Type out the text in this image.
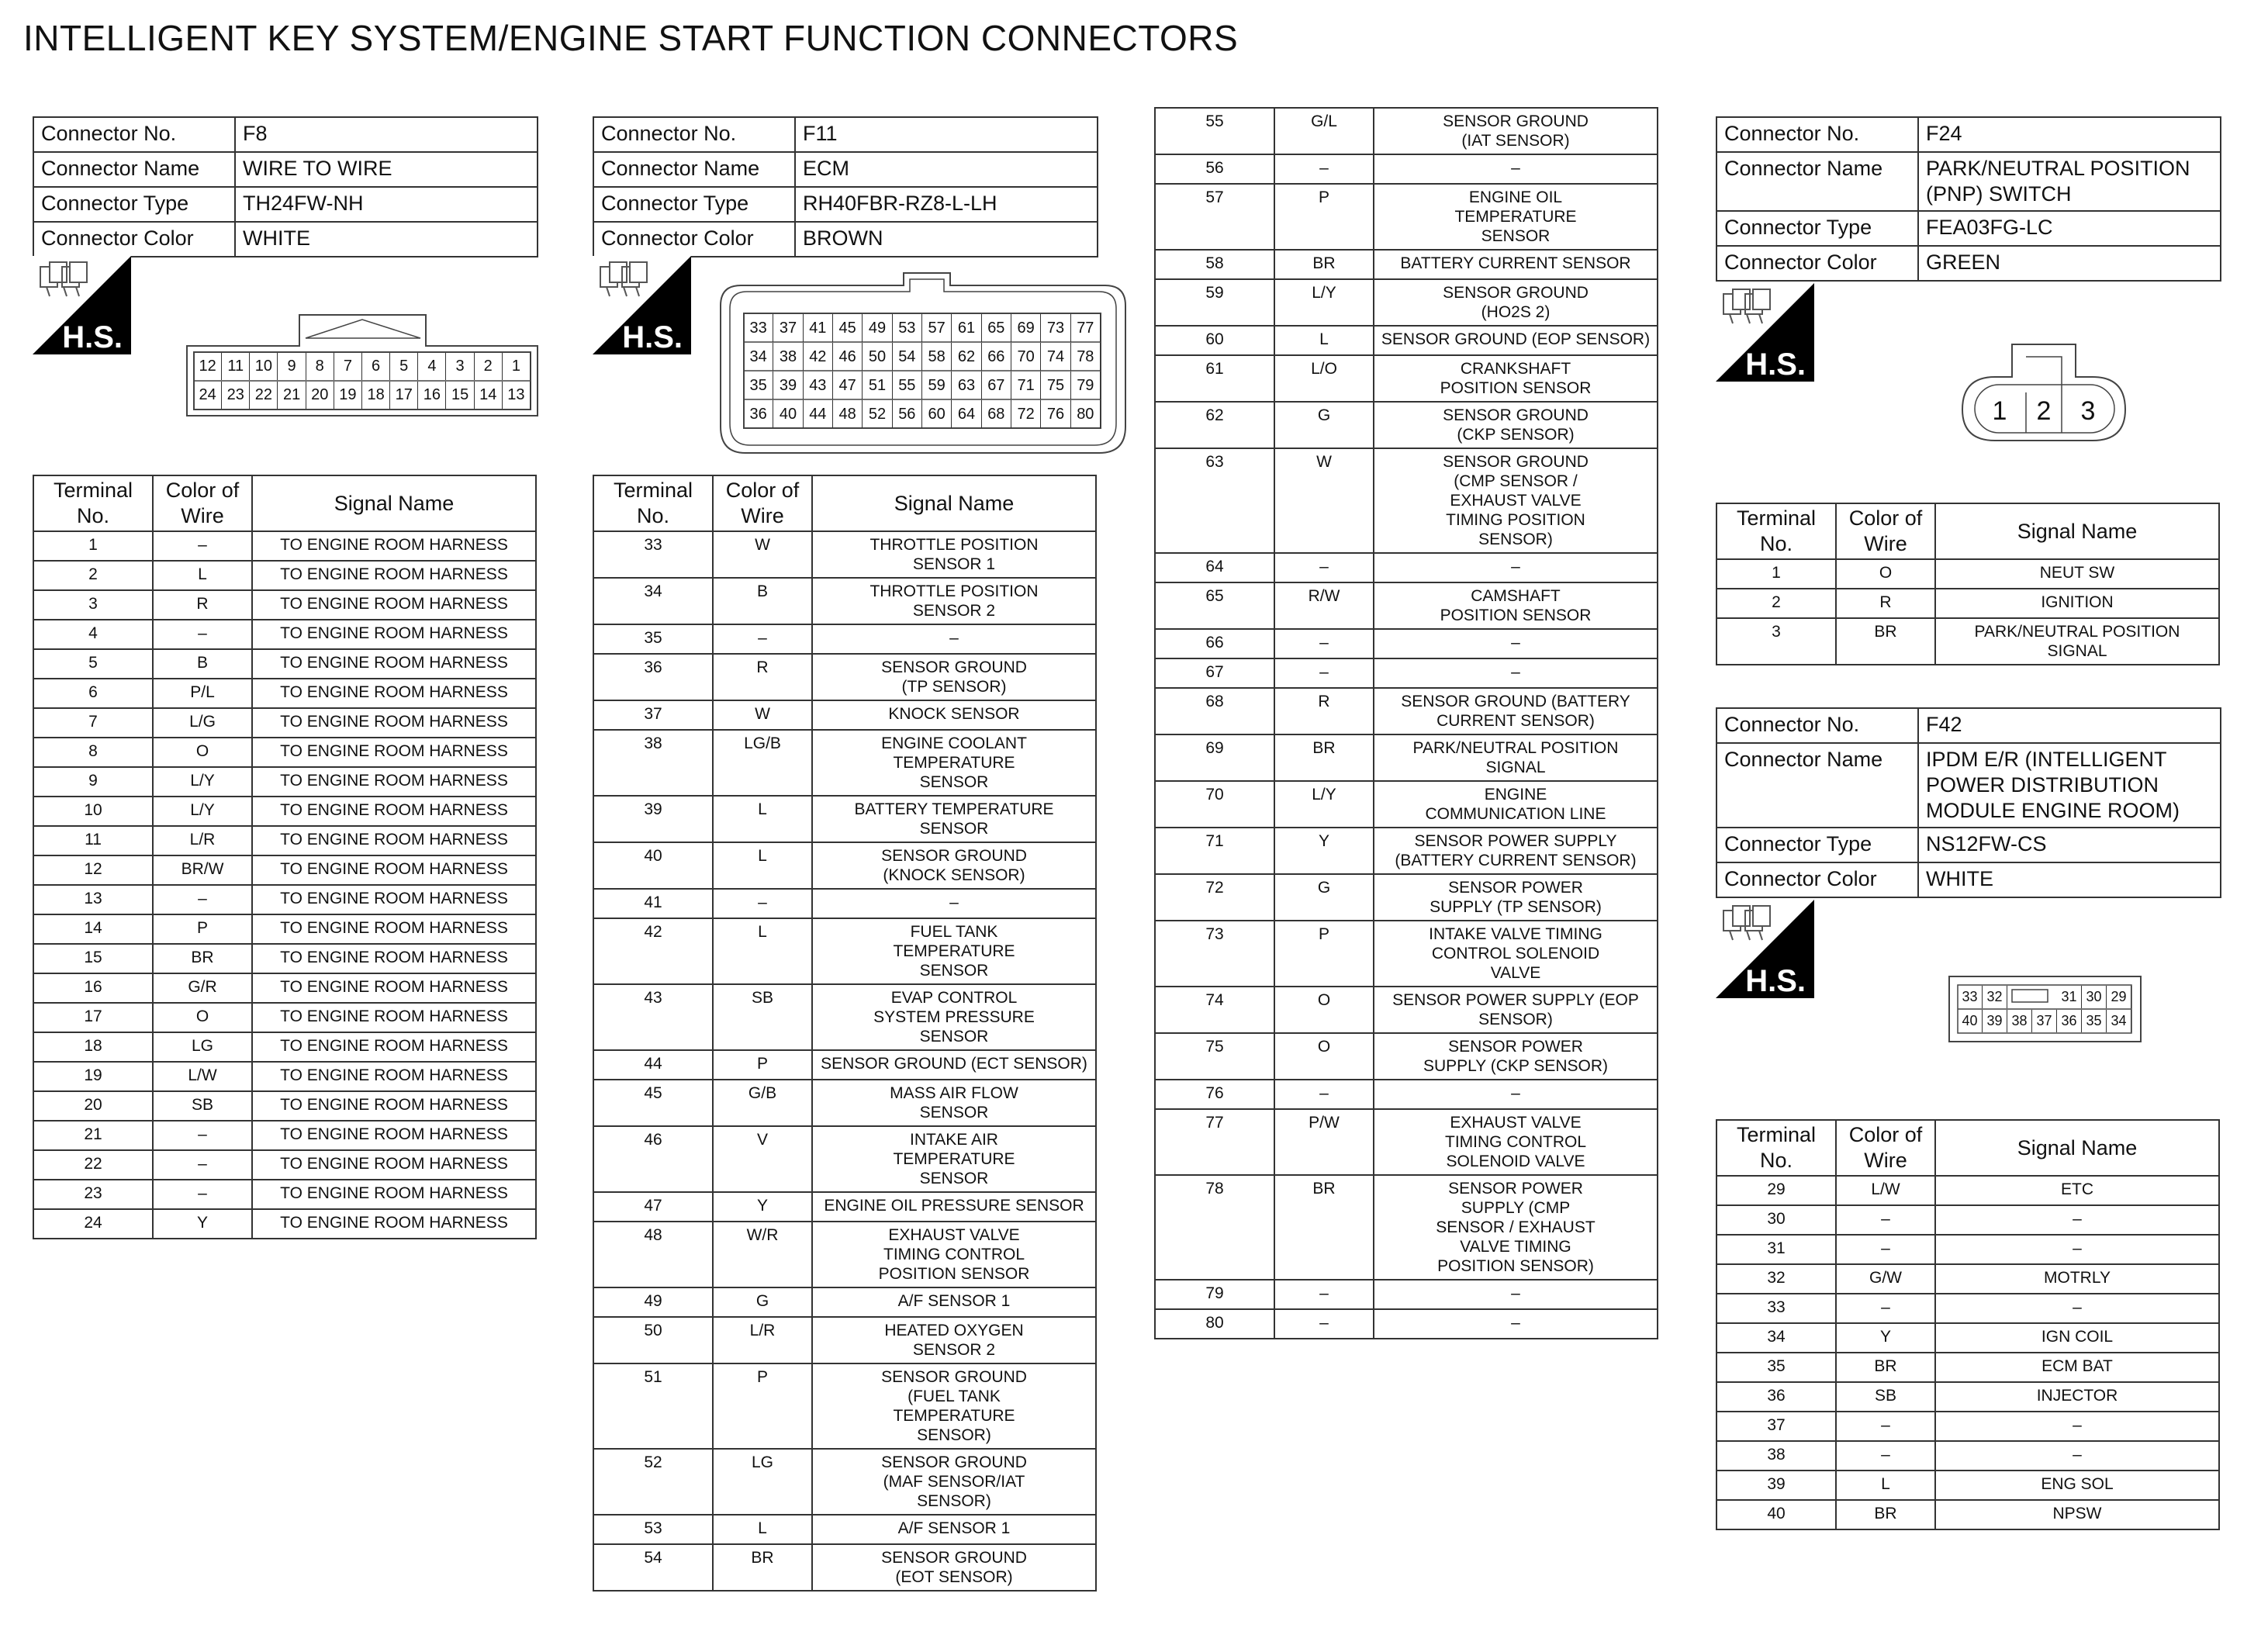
INTELLIGENT KEY SYSTEM/ENGINE START FUNCTION CONNECTORS
Connector No.	F8
Connector Name	WIRE TO WIRE
Connector Type	TH24FW-NH
Connector Color	WHITE
H.S.
12 11 10 9	8	7	6	5	4	3	2	1
24 23 22 21 20 19 18 17 16 15 14 13
Terminal
No.	Color of
Wire	Signal Name
1	–	TO ENGINE ROOM HARNESS
2	L	TO ENGINE ROOM HARNESS
3	R	TO ENGINE ROOM HARNESS
4	–	TO ENGINE ROOM HARNESS
5	B	TO ENGINE ROOM HARNESS
6	P/L	TO ENGINE ROOM HARNESS
7	L/G	TO ENGINE ROOM HARNESS
8	O	TO ENGINE ROOM HARNESS
9	L/Y	TO ENGINE ROOM HARNESS
10	L/Y	TO ENGINE ROOM HARNESS
11	L/R	TO ENGINE ROOM HARNESS
12	BR/W	TO ENGINE ROOM HARNESS
13	–	TO ENGINE ROOM HARNESS
14	P	TO ENGINE ROOM HARNESS
15	BR	TO ENGINE ROOM HARNESS
16	G/R	TO ENGINE ROOM HARNESS
17	O	TO ENGINE ROOM HARNESS
18	LG	TO ENGINE ROOM HARNESS
19	L/W	TO ENGINE ROOM HARNESS
20	SB	TO ENGINE ROOM HARNESS
21	–	TO ENGINE ROOM HARNESS
22	–	TO ENGINE ROOM HARNESS
23	–	TO ENGINE ROOM HARNESS
24	Y	TO ENGINE ROOM HARNESS
Connector No.	F11
Connector Name	ECM
Connector Type	RH40FBR-RZ8-L-LH
Connector Color	BROWN
H.S.	33 37 41 45 49 53 57 61 65 69 73 77
34 38 42 46 50 54 58 62 66 70 74 78
35 39 43 47 51 55 59 63 67 71 75 79
36 40 44 48 52 56 60 64 68 72 76 80
Terminal
No.	Color of
Wire	Signal Name
33	W	THROTTLE POSITION
SENSOR 1
34	B	THROTTLE POSITION
SENSOR 2
35	–	–
36	R	SENSOR GROUND
(TP SENSOR)
37	W	KNOCK SENSOR
38	LG/B	ENGINE COOLANT
TEMPERATURE
SENSOR
39	L	BATTERY TEMPERATURE
SENSOR
40	L	SENSOR GROUND
(KNOCK SENSOR)
41	–	–
42	L	FUEL TANK
TEMPERATURE
SENSOR
43	SB	EVAP CONTROL
SYSTEM PRESSURE
SENSOR
44	P	SENSOR GROUND (ECT SENSOR)
45	G/B	MASS AIR FLOW
SENSOR
46	V	INTAKE AIR
TEMPERATURE
SENSOR
47	Y	ENGINE OIL PRESSURE SENSOR
48	W/R	EXHAUST VALVE
TIMING CONTROL
POSITION SENSOR
49	G	A/F SENSOR 1
50	L/R	HEATED OXYGEN
SENSOR 2
51	P	SENSOR GROUND
(FUEL TANK
TEMPERATURE
SENSOR)
52	LG	SENSOR GROUND
(MAF SENSOR/IAT
SENSOR)
53	L	A/F SENSOR 1
54	BR	SENSOR GROUND
(EOT SENSOR)
55	G/L	SENSOR GROUND
(IAT SENSOR)
56	–	–
57	P	ENGINE OIL
TEMPERATURE
SENSOR
58	BR	BATTERY CURRENT SENSOR
59	L/Y	SENSOR GROUND
(HO2S 2)
60	L	SENSOR GROUND (EOP SENSOR)
61	L/O	CRANKSHAFT
POSITION SENSOR
62	G	SENSOR GROUND
(CKP SENSOR)
63	W	SENSOR GROUND
(CMP SENSOR /
EXHAUST VALVE
TIMING POSITION
SENSOR)
64	–	–
65	R/W	CAMSHAFT
POSITION SENSOR
66	–	–
67	–	–
68	R	SENSOR GROUND (BATTERY
CURRENT SENSOR)
69	BR	PARK/NEUTRAL POSITION
SIGNAL
70	L/Y	ENGINE
COMMUNICATION LINE
71	Y	SENSOR POWER SUPPLY
(BATTERY CURRENT SENSOR)
72	G	SENSOR POWER
SUPPLY (TP SENSOR)
73	P	INTAKE VALVE TIMING
CONTROL SOLENOID
VALVE
74	O	SENSOR POWER SUPPLY (EOP
SENSOR)
75	O	SENSOR POWER
SUPPLY (CKP SENSOR)
76	–	–
77	P/W	EXHAUST VALVE
TIMING CONTROL
SOLENOID VALVE
78	BR	SENSOR POWER
SUPPLY (CMP
SENSOR / EXHAUST
VALVE TIMING
POSITION SENSOR)
79	–	–
80	–	–
Connector No.	F24
Connector Name	PARK/NEUTRAL POSITION
(PNP) SWITCH
Connector Type	FEA03FG-LC
Connector Color	GREEN
H.S.
1	2	3
Terminal
No.	Color of
Wire	Signal Name
1	O	NEUT SW
2	R	IGNITION
3	BR	PARK/NEUTRAL POSITION
SIGNAL
Connector No.	F42
Connector Name	IPDM E/R (INTELLIGENT
POWER DISTRIBUTION
MODULE ENGINE ROOM)
Connector Type	NS12FW-CS
Connector Color	WHITE
H.S.	33 32	31 30 29
40 39 38 37 36 35 34
Terminal
No.	Color of
Wire	Signal Name
29	L/W	ETC
30	–	–
31	–	–
32	G/W	MOTRLY
33	–	–
34	Y	IGN COIL
35	BR	ECM BAT
36	SB	INJECTOR
37	–	–
38	–	–
39	L	ENG SOL
40	BR	NPSW
